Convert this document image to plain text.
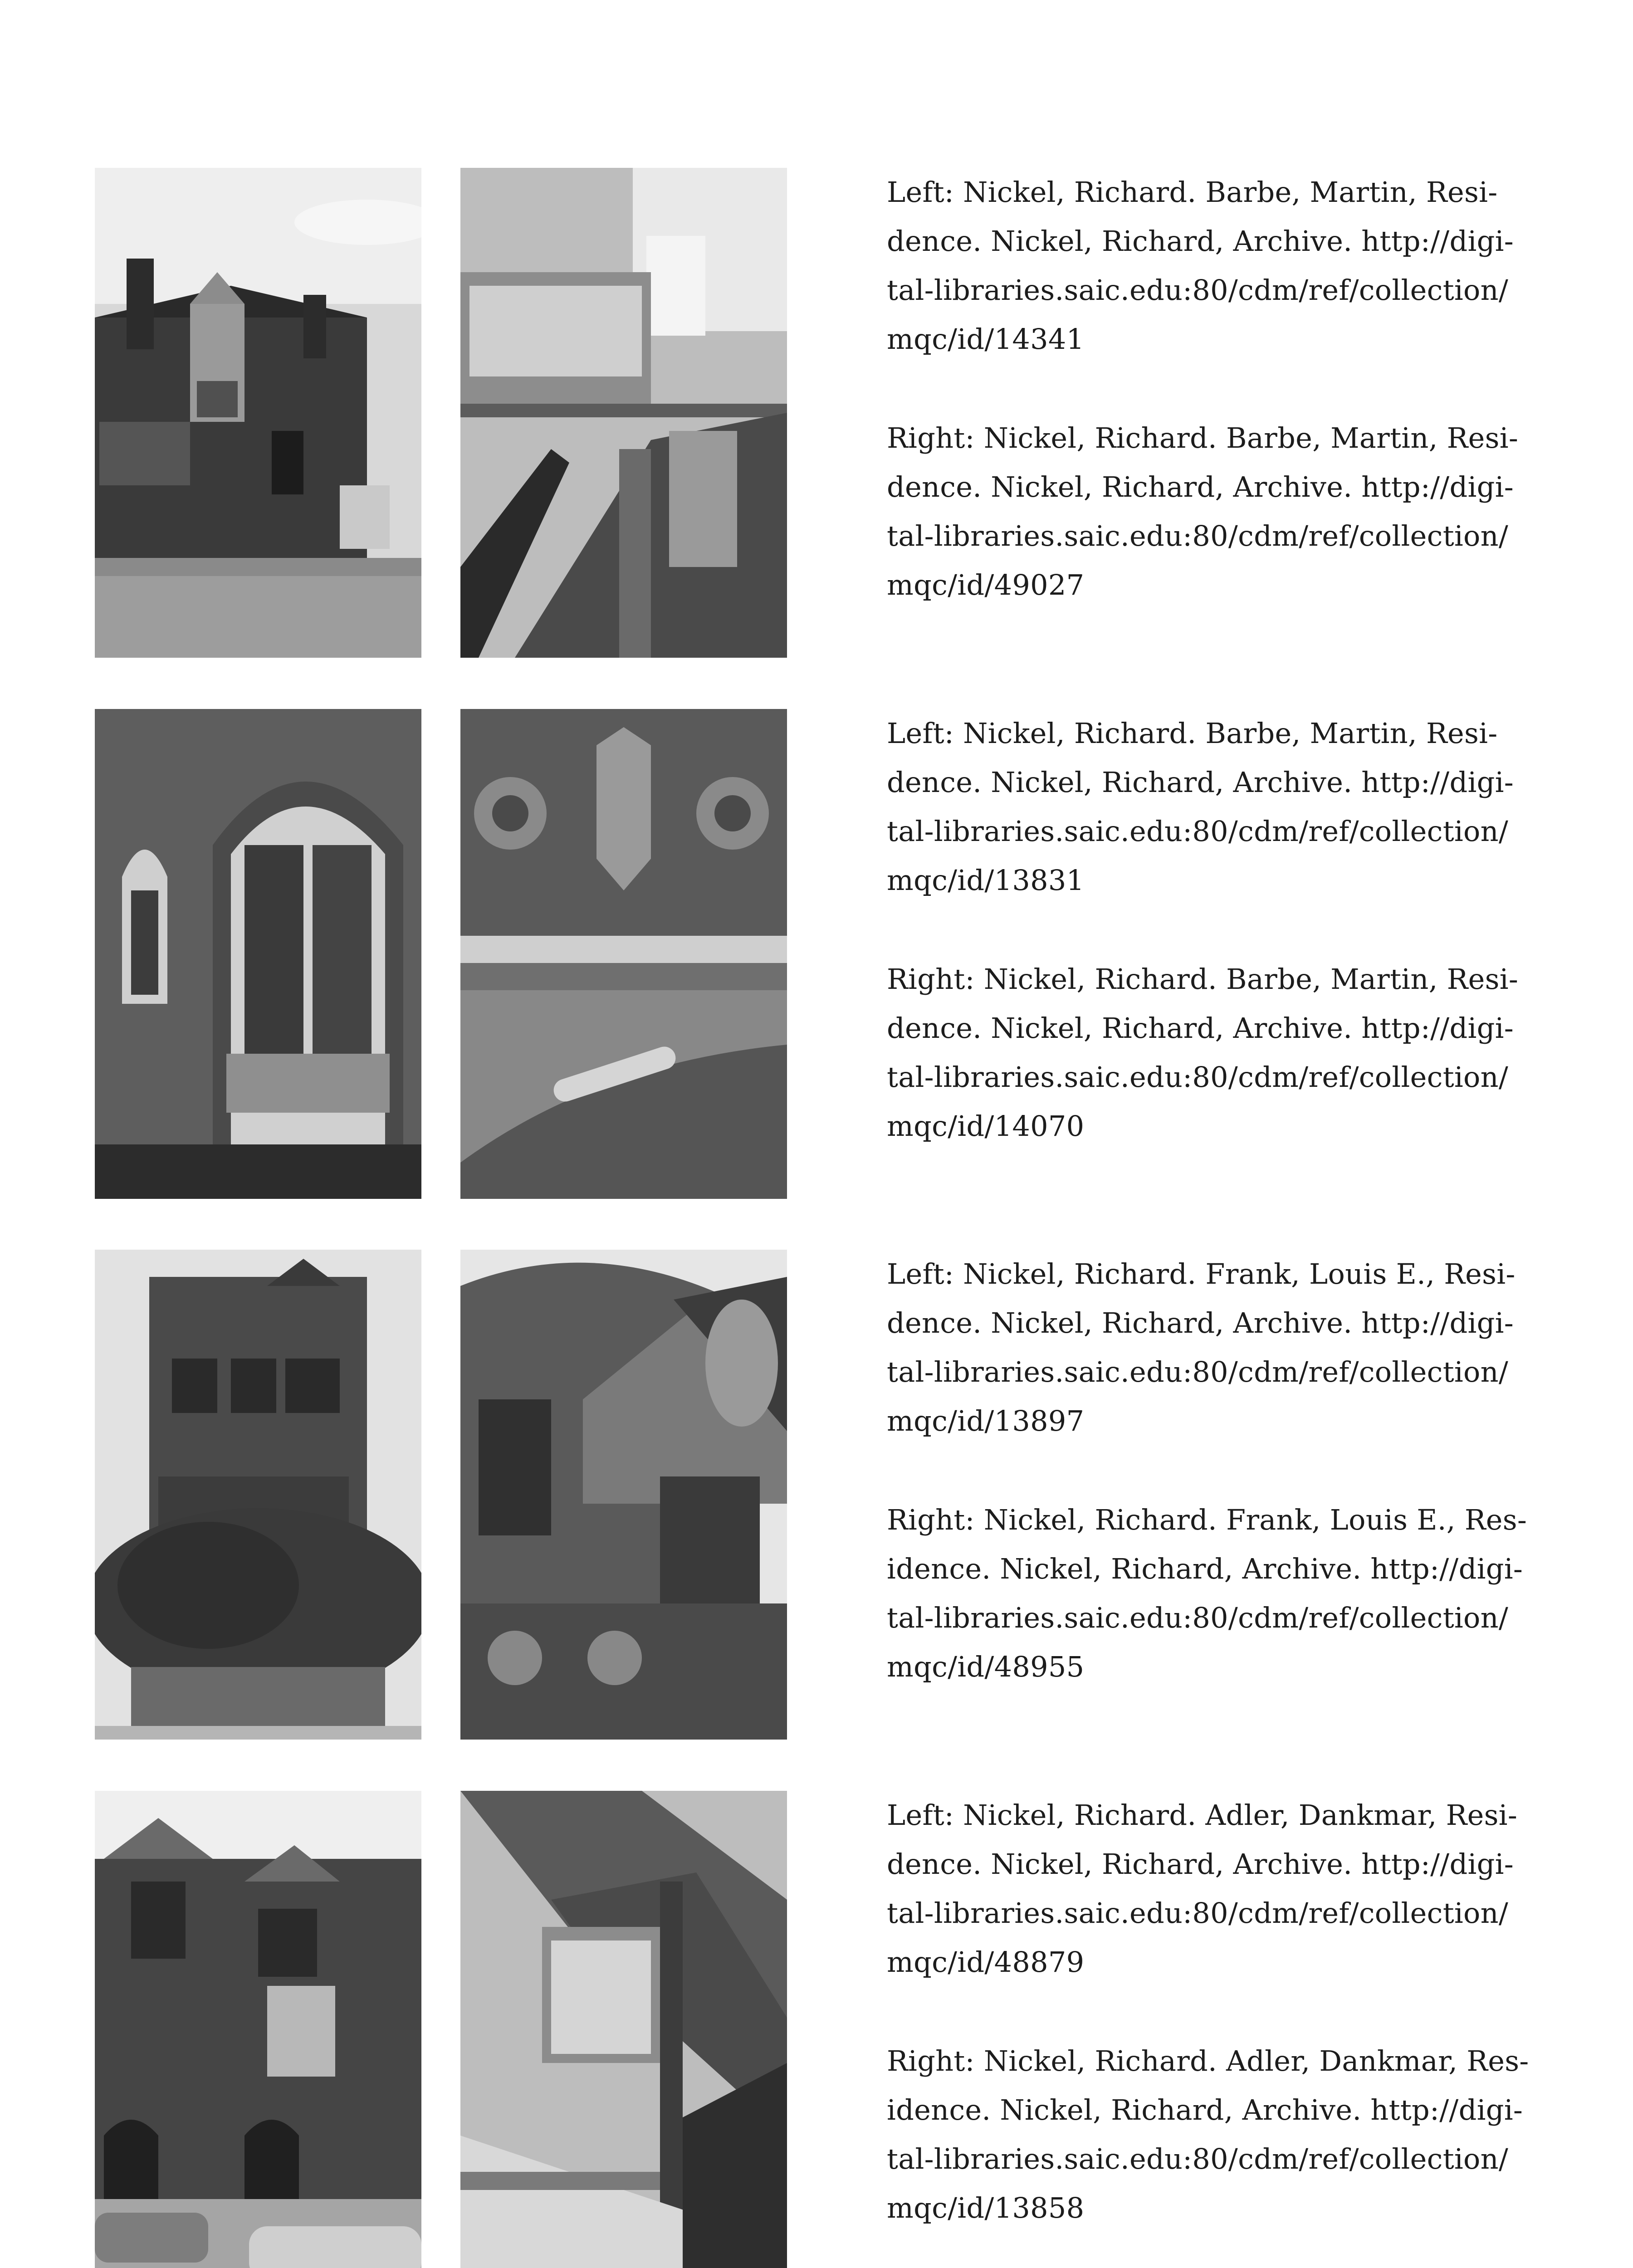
Left: Nickel, Richard. Barbe, Martin, Resi-
dence. Nickel, Richard, Archive. http://digi-
tal-libraries.saic.edu:80/cdm/ref/collection/
mqc/id/14341
Right: Nickel, Richard. Barbe, Martin, Resi-
dence. Nickel, Richard, Archive. http://digi-
tal-libraries.saic.edu:80/cdm/ref/collection/
mqc/id/49027
Left: Nickel, Richard. Barbe, Martin, Resi-
dence. Nickel, Richard, Archive. http://digi-
tal-libraries.saic.edu:80/cdm/ref/collection/
mqc/id/13831
Right: Nickel, Richard. Barbe, Martin, Resi-
dence. Nickel, Richard, Archive. http://digi-
tal-libraries.saic.edu:80/cdm/ref/collection/
mqc/id/14070
Left: Nickel, Richard. Frank, Louis E., Resi-
dence. Nickel, Richard, Archive. http://digi-
tal-libraries.saic.edu:80/cdm/ref/collection/
mqc/id/13897
Right: Nickel, Richard. Frank, Louis E., Res-
idence. Nickel, Richard, Archive. http://digi-
tal-libraries.saic.edu:80/cdm/ref/collection/
mqc/id/48955
Left: Nickel, Richard. Adler, Dankmar, Resi-
dence. Nickel, Richard, Archive. http://digi-
tal-libraries.saic.edu:80/cdm/ref/collection/
mqc/id/48879
Right: Nickel, Richard. Adler, Dankmar, Res-
idence. Nickel, Richard, Archive. http://digi-
tal-libraries.saic.edu:80/cdm/ref/collection/
mqc/id/13858
